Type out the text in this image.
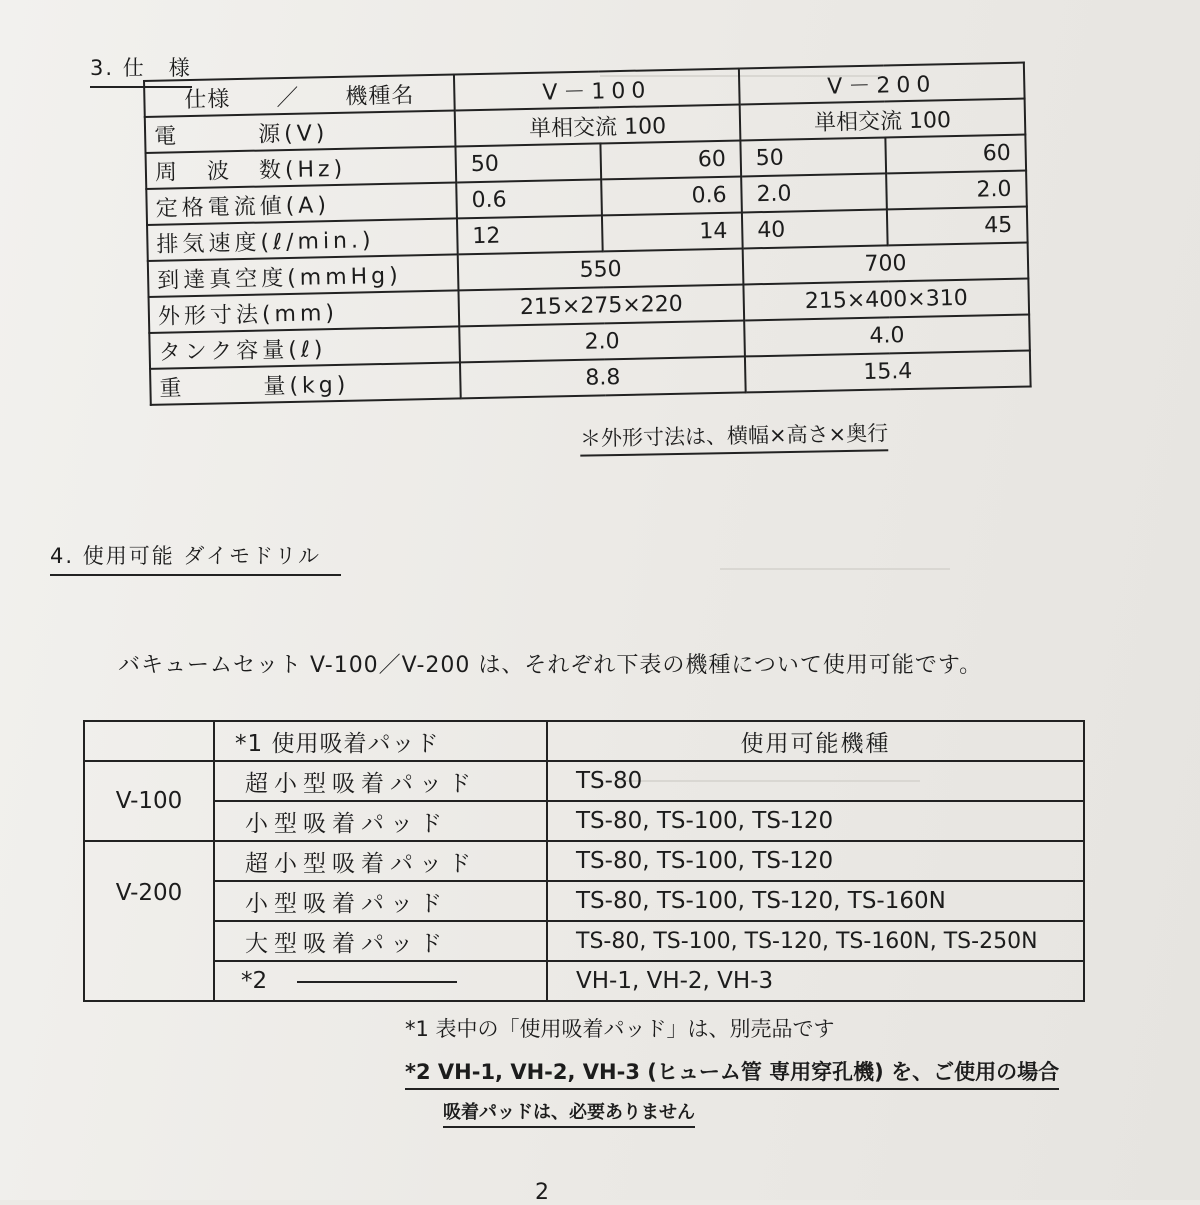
3. 仕　様
仕様　　／　　機種名	V－100		V－200	
電　　　源(V)	単相交流 100		単相交流 100	
周　波　数(Hz)	50	60	50	60
定格電流値(A)	0.6	0.6	2.0	2.0
排気速度(ℓ/min.)	12	14	40	45
到達真空度(mmHg)	550		700	
外形寸法(mm)	215×275×220		215×400×310	
タンク容量(ℓ)	2.0		4.0	
重　　　量(kg)	8.8		15.4	
＊外形寸法は、横幅×高さ×奥行
4. 使用可能 ダイモドリル
バキュームセット V-100／V-200 は、それぞれ下表の機種について使用可能です。
	*1 使用吸着パッド	使用可能機種
V-100	超小型吸着パッド	TS-80
	小型吸着パッド	TS-80, TS-100, TS-120
V-200	超小型吸着パッド	TS-80, TS-100, TS-120
	小型吸着パッド	TS-80, TS-100, TS-120, TS-160N
	大型吸着パッド	TS-80, TS-100, TS-120, TS-160N, TS-250N
	*2	VH-1, VH-2, VH-3
*1 表中の「使用吸着パッド」は、別売品です
*2 VH-1, VH-2, VH-3 (ヒューム管 専用穿孔機) を、ご使用の場合
吸着パッドは、必要ありません
2
